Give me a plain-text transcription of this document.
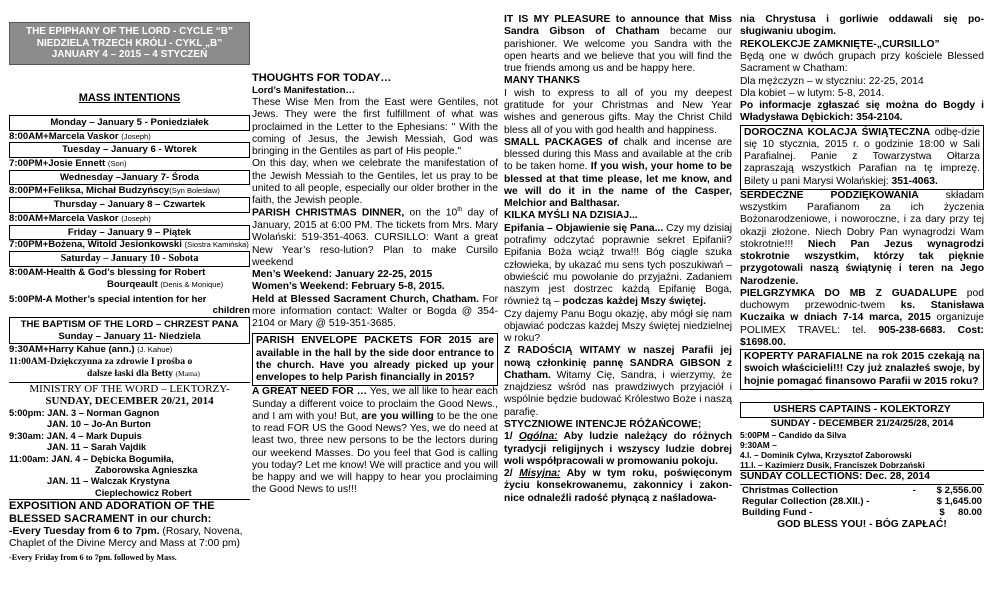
THE EPIPHANY OF THE LORD - CYCLE “B”
NIEDZIELA TRZECH KRÓLI - CYKL „B”
JANUARY 4 – 2015 – 4 STYCZEŃ
MASS INTENTIONS
Monday – January 5 - Poniedziałek
8:00AM+Marcela Vaskor (Joseph)
Tuesday – January 6 - Wtorek
7:00PM+Josie Ennett (Son)
Wednesday –January 7- Środa
8:00PM+Feliksa, Michał Budzyńscy(Syn Bolesław)
Thursday – January 8 – Czwartek
8:00AM+Marcela Vaskor (Joseph)
Friday – January 9 – Piątek
7:00PM+Bożena, Witold Jesionkowski (Siostra Kamińska)
Saturday – January 10 - Sobota
8:00AM-Health & God’s blessing for Robert
Bourqeault (Denis & Monique)
5:00PM-A Mother’s special intention for her
children
THE BAPTISM OF THE LORD – CHRZEST PANA
Sunday – January 11- Niedziela
9:30AM+Harry Kahue (ann.) (J. Kahue)
11:00AM-Dziękczynna za zdrowie I prośba o
dalsze łaski dla Betty (Mama)
MINISTRY OF THE WORD – LEKTORZY-
SUNDAY, DECEMBER 20/21, 2014
5:00pm: JAN. 3 – Norman Gagnon
JAN. 10 – Jo-An Burton
9:30am: JAN. 4 – Mark Dupuis
JAN. 11 – Sarah Vajdik
11:00am: JAN. 4 – Dębicka Bogumiła,
Zaborowska Agnieszka
JAN. 11 – Walczak Krystyna
Cieplechowicz Robert
EXPOSITION AND ADORATION OF THE BLESSED SACRAMENT in our church:
-Every Tuesday from 6 to 7pm. (Rosary, Novena, Chaplet of the Divine Mercy and Mass at 7:00 pm)
-Every Friday from 6 to 7pm. followed by Mass.
THOUGHTS FOR TODAY…
Lord’s Manifestation…
These Wise Men from the East were Gentiles, not Jews. They were the first fulfillment of what was proclaimed in the Letter to the Ephesians: " With the coming of Jesus, the Jewish Messiah, God was bringing in the Gentiles as part of His people."
On this day, when we celebrate the manifestation of the Jewish Messiah to the Gentiles, let us pray to be united to all people, especially our older brother in the faith, the Jewish people.
PARISH CHRISTMAS DINNER, on the 10th day of January, 2015 at 6:00 PM. The tickets from Mrs. Mary Wolański: 519-351-4063. CURSILLO: Want a great New Year’s reso-lution? Plan to make Cursilo weekend
Men’s Weekend: January 22-25, 2015
Women’s Weekend: February 5-8, 2015.
Held at Blessed Sacrament Church, Chatham. For more information contact: Walter or Bogda @ 354-2104 or Mary @ 519-351-3685.
PARISH ENVELOPE PACKETS FOR 2015 are available in the hall by the side door entrance to the church. Have you already picked up your envelopes to help Parish financially in 2015?
A GREAT NEED FOR … Yes, we all like to hear each Sunday a different voice to proclaim the Good News., and I am with you! But, are you willing to be the one to read FOR US the Good News? Yes, we do need at least two, three new persons to be the lectors during our weekend Masses. Do you feel that God is calling you today? Let me know! We will practice and you will be happy and we will happy to hear you proclaiming the Good News to us!!!
IT IS MY PLEASURE to announce that Miss Sandra Gibson of Chatham became our parishioner. We welcome you Sandra with the open hearts and we believe that you will find the true friends among us and be happy here.
MANY THANKS
I wish to express to all of you my deepest gratitude for your Christmas and New Year wishes and generous gifts. May the Christ Child bless all of you with god health and happiness.
SMALL PACKAGES of chalk and incense are blessed during this Mass and available at the crib to be taken home. If you wish, your home to be blessed at that time please, let me know, and we will do it in the name of the Casper, Melchior and Balthasar.
KILKA MYŚLI NA DZISIAJ...
Epifania – Objawienie się Pana... Czy my dzisiaj potrafimy odczytać poprawnie sekret Epifanii? Epifania Boża wciąż trwa!!! Bóg ciągle szuka człowieka, by ukazać mu sens tych poszukiwań – obwieścić mu powołanie do przyjaźni. Zadaniem naszym jest dostrzec każdą Epifanię Boga, również tą – podczas każdej Mszy świętej.
Czy dajemy Panu Bogu okazję, aby mógł się nam objawiać podczas każdej Mszy świętej niedzielnej w roku?
Z RADOŚCIĄ WITAMY w naszej Parafii jej nową członkinię pannę SANDRA GIBSON z Chatham. Witamy Cię, Sandra, i wierzymy, że znajdziesz wśród nas prawdziwych przyjaciół i wspólnie będzie budować Królestwo Boże i naszą parafię.
STYCZNIOWE INTENCJE RÓŻAŃCOWE;
1/ Ogólna: Aby ludzie należący do różnych tyradycji religijnych i wszyscy ludzie dobrej woli współpracowali w promowaniu pokoju.
2/ Misyjna: Aby w tym roku, poświęconym życiu konsekrowanemu, zakonnicy i zakon-nice odnaleźli radość płynącą z naśladowa-
nia Chrystusa i gorliwie oddawali się po-sługiwaniu ubogim.
REKOLEKCJE ZAMKNIĘTE-„CURSILLO”
Będą one w dwóch grupach przy kościele Blessed Sacrament w Chatham:
Dla mężczyzn – w styczniu: 22-25, 2014
Dla kobiet – w lutym: 5-8, 2014.
Po informacje zgłaszać się można do Bogdy i Władysława Dębickich: 354-2104.
DOROCZNA KOLACJA ŚWIĄTECZNA odbę-dzie się 10 stycznia, 2015 r. o godzinie 18:00 w Sali Parafialnej. Panie z Towarzystwa Ołtarza zapraszają wszystkich Parafian na tę imprezę. Bilety u pani Marysi Wolańskiej: 351-4063.
SERDECZNE PODZIĘKOWANIA składam wszystkim Parafianom za ich życzenia Bożonarodzeniowe, i noworoczne, i za dary przy tej okazji złożone. Niech Dobry Pan wynagrodzi Wam stokrotnie!!! Niech Pan Jezus wynagrodzi stokrotnie wszystkim, którzy tak pięknie przygotowali naszą świątynię i teren na Jego Narodzenie.
PIELGRZYMKA DO MB Z GUADALUPE pod duchowym przewodnic-twem ks. Stanisława Kuczaika w dniach 7-14 marca, 2015 organizuje POLIMEX TRAVEL: tel. 905-238-6683. Cost: $1698.00.
KOPERTY PARAFIALNE na rok 2015 czekają na swoich właścicieli!!! Czy już znalazłeś swoje, by hojnie pomagać finansowo Parafii w 2015 roku?
USHERS CAPTAINS - KOLEKTORZY
SUNDAY - DECEMBER 21/24/25/28, 2014
5:00PM – Candido da Silva
9:30AM –
4.l. – Dominik Cylwa, Krzysztof Zaborowski
11.l. – Kazimierz Dusik, Franciszek Dobrzański
SUNDAY COLLECTIONS: Dec. 28, 2014
Christmas Collection	-	$ 2,556.00
Regular Collection (28.XII.) -		$ 1,645.00
Building Fund -		$     80.00
GOD BLESS YOU! - BÓG ZAPŁAĆ!
